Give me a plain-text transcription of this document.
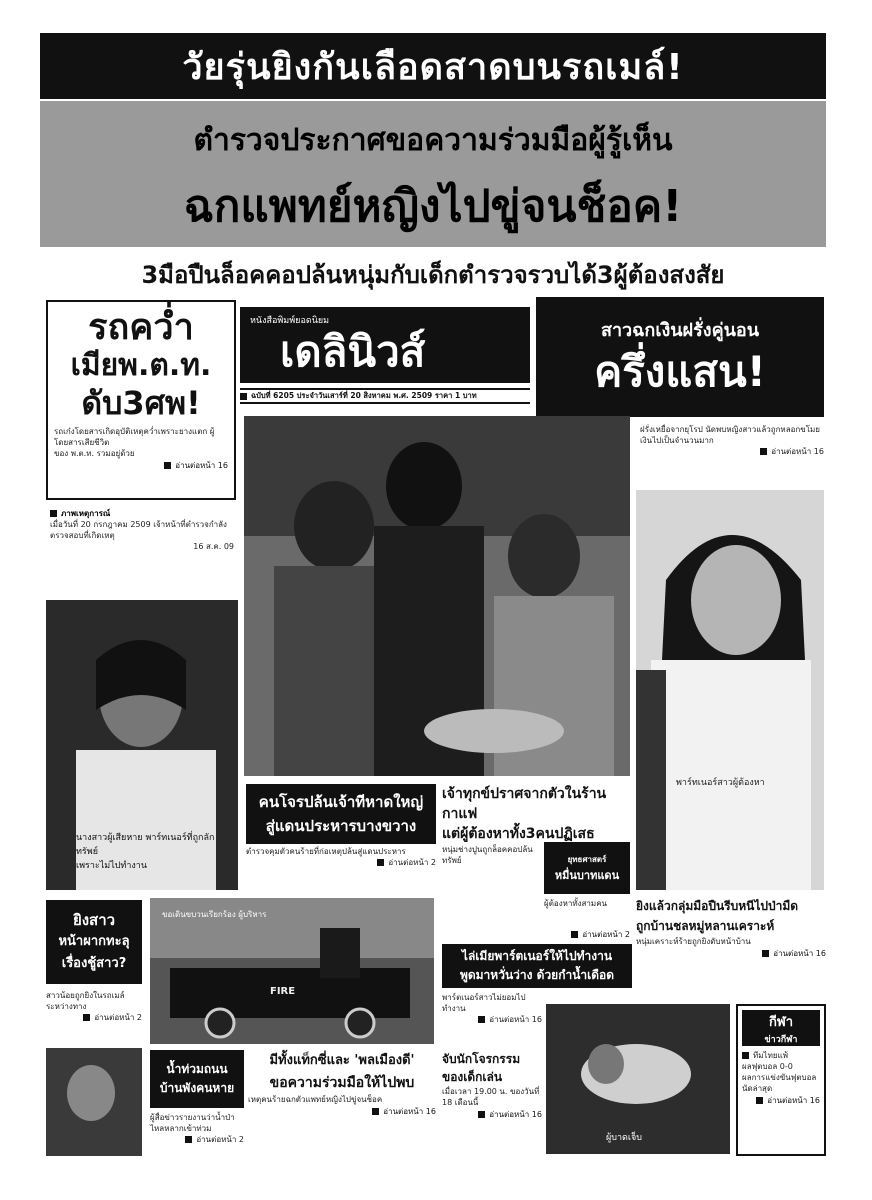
วัยรุ่นยิงกันเลือดสาดบนรถเมล์!
ตำรวจประกาศขอความร่วมมือผู้รู้เห็น
ฉกแพทย์หญิงไปขู่จนช็อค!
3มือปืนล็อคคอปล้นหนุ่มกับเด็กตำรวจรวบได้3ผู้ต้องสงสัย
รถคว่ำ
เมียพ.ต.ท.
ดับ3ศพ!
รถเก๋งโดยสารเกิดอุบัติเหตุคว่ำเพราะยางแตก ผู้โดยสารเสียชีวิต
ของ พ.ต.ท. รวมอยู่ด้วย
อ่านต่อหน้า 16
หนังสือพิมพ์ยอดนิยม
เดลินิวส์
ฉบับที่ 6205 ประจำวันเสาร์ที่ 20 สิงหาคม พ.ศ. 2509 ราคา 1 บาท
สาวฉกเงินฝรั่งคู่นอน
ครึ่งแสน!
ฝรั่งเหยื่อจากยุโรป นัดพบหญิงสาวแล้วถูกหลอกขโมยเงินไปเป็นจำนวนมาก
อ่านต่อหน้า 16
ภาพเหตุการณ์
เมื่อวันที่ 20 กรกฎาคม 2509 เจ้าหน้าที่ตำรวจกำลังตรวจสอบที่เกิดเหตุ
16 ส.ค. 09
นางสาวผู้เสียหาย พาร์ทเนอร์ที่ถูกลักทรัพย์
เพราะไม่ไปทำงาน
พาร์ทเนอร์สาวผู้ต้องหา
คนโจรปล้นเจ้าทีหาดใหญ่
สู่แดนประหารบางขวาง
ตำรวจคุมตัวคนร้ายที่ก่อเหตุปล้นสู่แดนประหาร
อ่านต่อหน้า 2
เจ้าทุกข์ปราศจากตัวในร้านกาแฟ
แต่ผู้ต้องหาทั้ง3คนปฏิเสธ
หนุ่มช่างปูนถูกล็อคคอปล้นทรัพย์	ยุทธศาสตร์
หมื่นบาทแดน
ผู้ต้องหาทั้งสามคน
อ่านต่อหน้า 2
ยิงแล้วกลุ่มมือปืนรีบหนีไปป่ามืด
ถูกบ้านชลหมู่หลานเคราะห์
หนุ่มเคราะห์ร้ายถูกยิงดับหน้าบ้าน
อ่านต่อหน้า 16
ยิงสาว
หน้าผากทะลุ
เรื่องชู้สาว?
สาวน้อยถูกยิงในรถเมล์ระหว่างทาง
อ่านต่อหน้า 2
ขอเดินขบวนเรียกร้อง ผู้บริหาร
FIRE
ไล่เมียพาร์ตเนอร์ให้ไปทำงาน
พูดมาหวั่นว่าง ด้วยกำน้ำเดือด
พาร์ตเนอร์สาวไม่ยอมไปทำงาน
อ่านต่อหน้า 16
ผู้บาดเจ็บ
กีฬา
ข่าวกีฬา
ทีมไทยแพ้
ผลฟุตบอล 0-0
ผลการแข่งขันฟุตบอลนัดล่าสุด
อ่านต่อหน้า 16
น้ำท่วมถนน
บ้านพังคนหาย
ผู้สื่อข่าวรายงานว่าน้ำป่าไหลหลากเข้าท่วม
อ่านต่อหน้า 2
มีทั้งแท็กซี่และ 'พลเมืองดี'
ขอความร่วมมือให้ไปพบ
เหตุคนร้ายฉกตัวแพทย์หญิงไปขู่จนช็อค
อ่านต่อหน้า 16
จับนักโจรกรรม
ของเด็กเล่น
เมื่อเวลา 19.00 น. ของวันที่ 18 เดือนนี้
อ่านต่อหน้า 16
